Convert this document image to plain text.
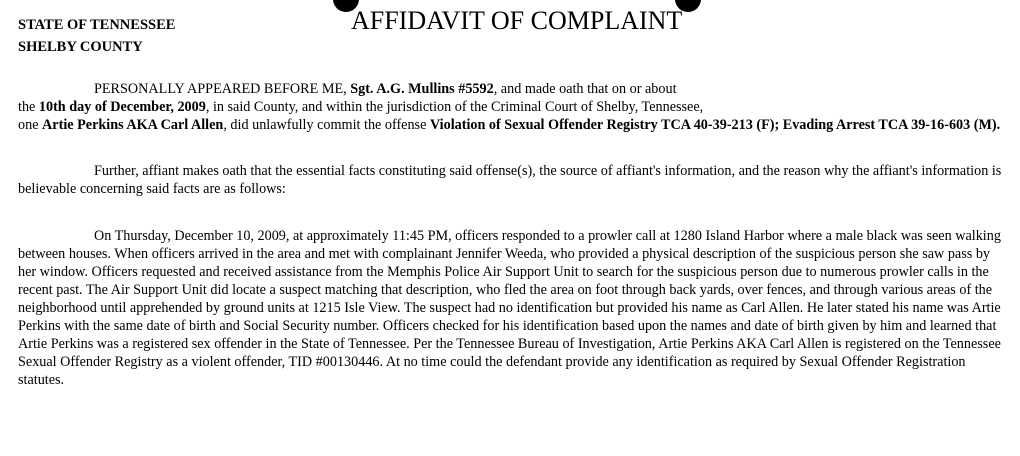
STATE OF TENNESSEE
SHELBY COUNTY
AFFIDAVIT OF COMPLAINT
PERSONALLY APPEARED BEFORE ME, Sgt. A.G. Mullins #5592, and made oath that on or about
the 10th day of December, 2009, in said County, and within the jurisdiction of the Criminal Court of Shelby, Tennessee,
one Artie Perkins AKA Carl Allen, did unlawfully commit the offense Violation of Sexual Offender Registry TCA 40-39-213 (F); Evading Arrest TCA 39-16-603 (M).
Further, affiant makes oath that the essential facts constituting said offense(s), the source of affiant's information, and the reason why the affiant's information is believable concerning said facts are as follows:
On Thursday, December 10, 2009, at approximately 11:45 PM, officers responded to a prowler call at 1280 Island Harbor where a male black was seen walking between houses. When officers arrived in the area and met with complainant Jennifer Weeda, who provided a physical description of the suspicious person she saw pass by her window. Officers requested and received assistance from the Memphis Police Air Support Unit to search for the suspicious person due to numerous prowler calls in the recent past. The Air Support Unit did locate a suspect matching that description, who fled the area on foot through back yards, over fences, and through various areas of the neighborhood until apprehended by ground units at 1215 Isle View. The suspect had no identification but provided his name as Carl Allen. He later stated his name was Artie Perkins with the same date of birth and Social Security number. Officers checked for his identification based upon the names and date of birth given by him and learned that Artie Perkins was a registered sex offender in the State of Tennessee. Per the Tennessee Bureau of Investigation, Artie Perkins AKA Carl Allen is registered on the Tennessee Sexual Offender Registry as a violent offender, TID #00130446. At no time could the defendant provide any identification as required by Sexual Offender Registration statutes.
